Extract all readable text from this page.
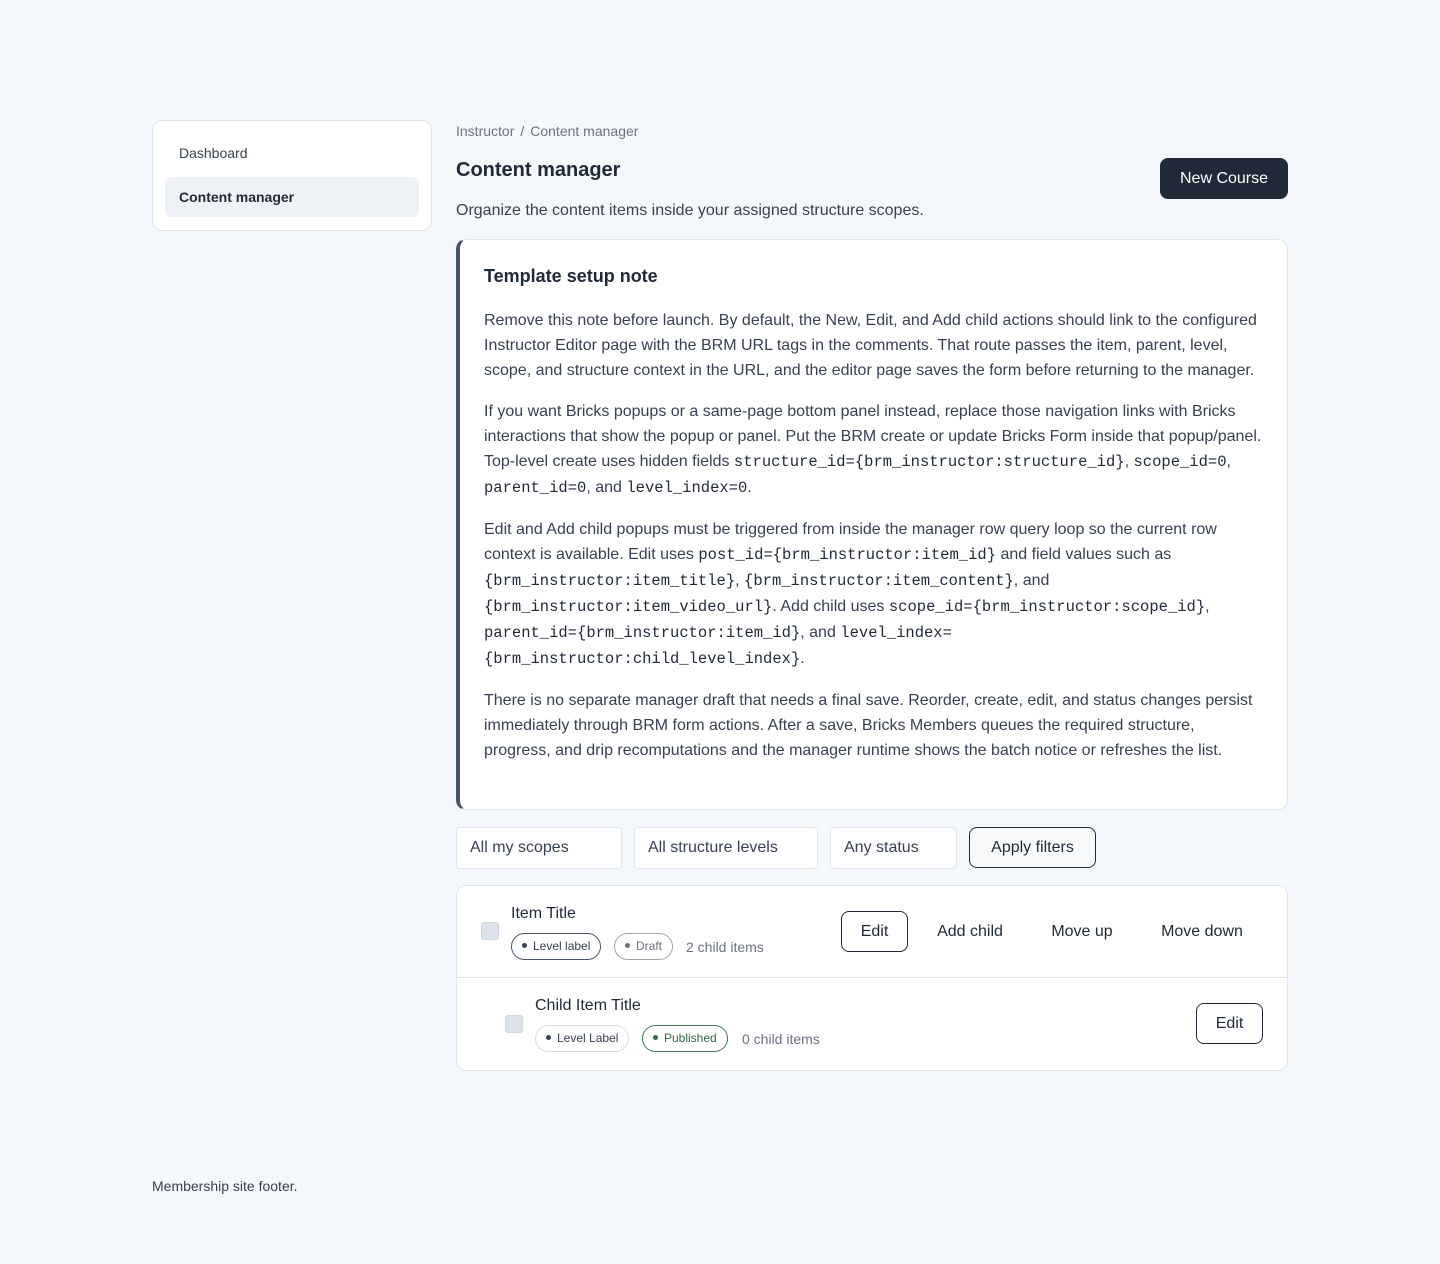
Dashboard
Content manager
Instructor / Content manager
Content manager	New Course

Organize the content items inside your assigned structure scopes.

Template setup note

Remove this note before launch. By default, the New, Edit, and Add child actions should link to the configured Instructor Editor page with the BRM URL tags in the comments. That route passes the item, parent, level, scope, and structure context in the URL, and the editor page saves the form before returning to the manager.

If you want Bricks popups or a same-page bottom panel instead, replace those navigation links with Bricks interactions that show the popup or panel. Put the BRM create or update Bricks Form inside that popup/panel. Top-level create uses hidden fields structure_id={brm_instructor:structure_id}, scope_id=0, parent_id=0, and level_index=0.

Edit and Add child popups must be triggered from inside the manager row query loop so the current row context is available. Edit uses post_id={brm_instructor:item_id} and field values such as {brm_instructor:item_title}, {brm_instructor:item_content}, and {brm_instructor:item_video_url}. Add child uses scope_id={brm_instructor:scope_id}, parent_id={brm_instructor:item_id}, and level_index=
{brm_instructor:child_level_index}.

There is no separate manager draft that needs a final save. Reorder, create, edit, and status changes persist immediately through BRM form actions. After a save, Bricks Members queues the required structure, progress, and drip recomputations and the manager runtime shows the batch notice or refreshes the list.

All my scopes	All structure levels	Any status	Apply filters
Item Title
Level label	Draft	2 child items
Edit	Add child	Move up	Move down
Child Item Title
Level Label	Published	0 child items
Edit
Membership site footer.
